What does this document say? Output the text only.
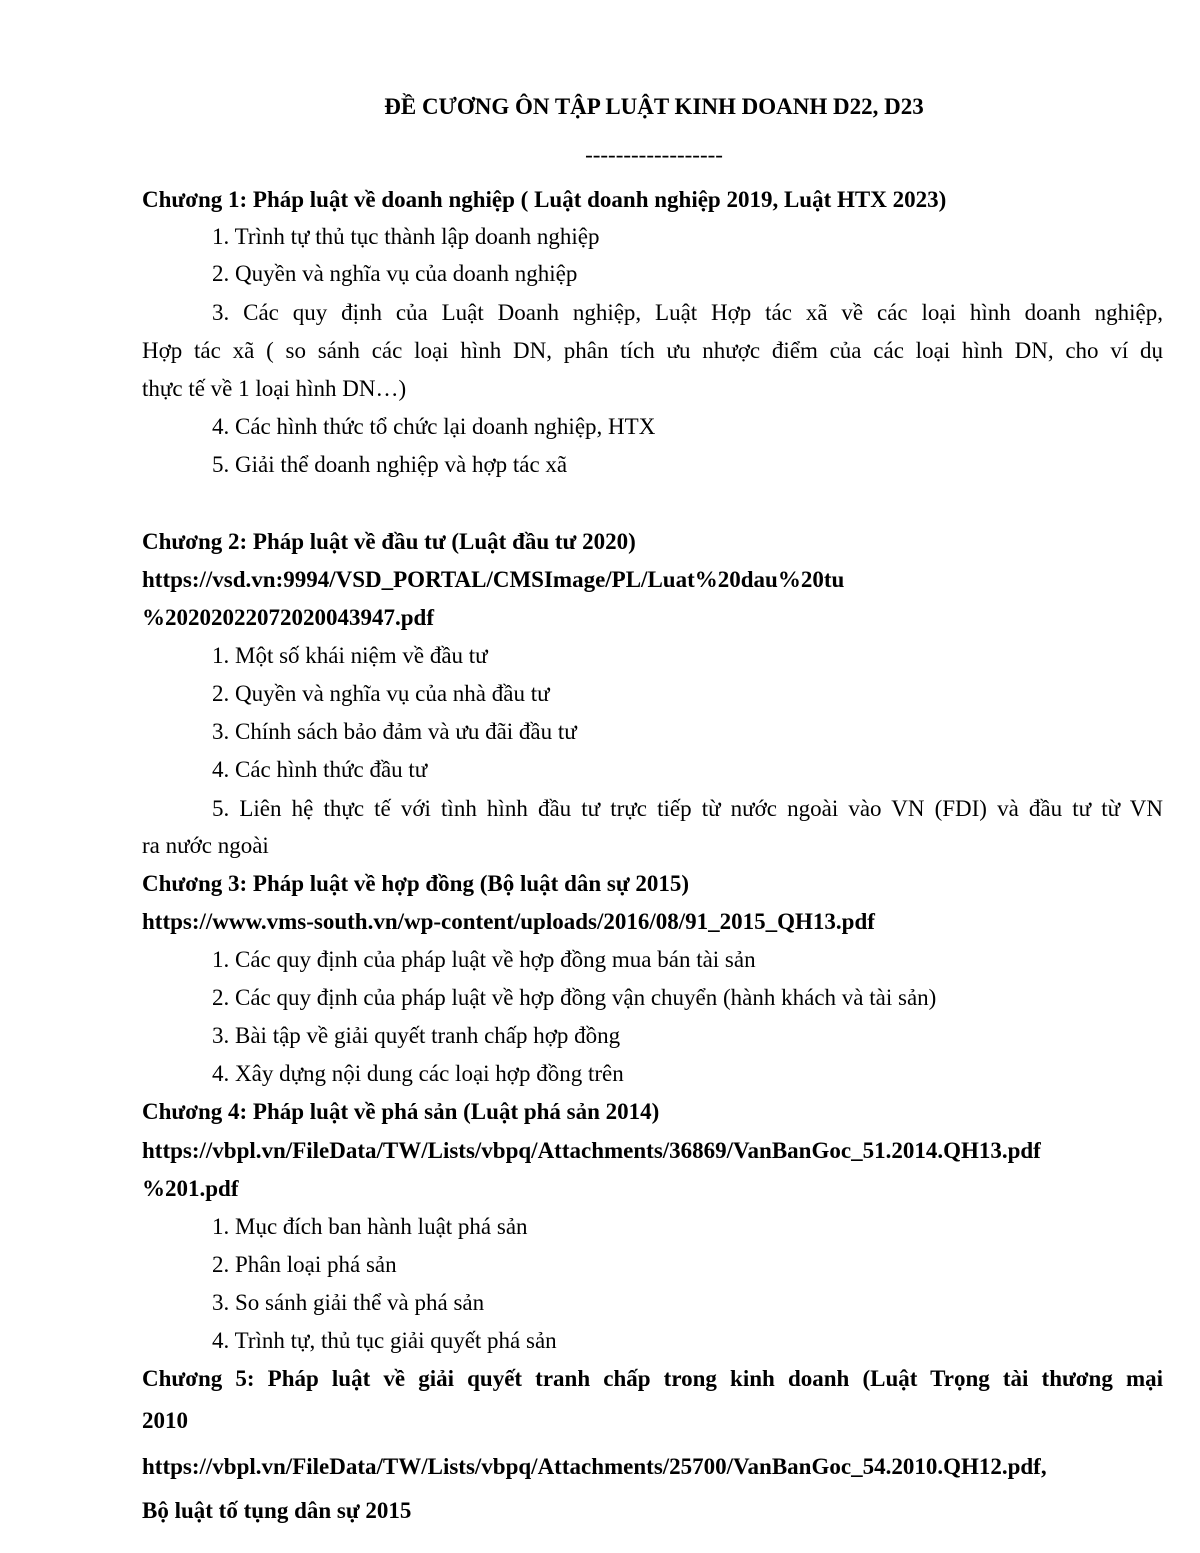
ĐỀ CƯƠNG ÔN TẬP LUẬT KINH DOANH D22, D23
------------------
Chương 1: Pháp luật về doanh nghiệp ( Luật doanh nghiệp 2019, Luật HTX 2023)
1. Trình tự thủ tục thành lập doanh nghiệp
2. Quyền và nghĩa vụ của doanh nghiệp
3. Các quy định của Luật Doanh nghiệp, Luật Hợp tác xã về các loại hình doanh nghiệp,
Hợp tác xã ( so sánh các loại hình DN, phân tích ưu nhược điểm của các loại hình DN, cho ví dụ
thực tế về 1 loại hình DN…)
4. Các hình thức tổ chức lại doanh nghiệp, HTX
5. Giải thể doanh nghiệp và hợp tác xã
Chương 2: Pháp luật về đầu tư (Luật đầu tư 2020)
https://vsd.vn:9994/VSD_PORTAL/CMSImage/PL/Luat%20dau%20tu
%20202022072020043947.pdf
1. Một số khái niệm về đầu tư
2. Quyền và nghĩa vụ của nhà đầu tư
3. Chính sách bảo đảm và ưu đãi đầu tư
4. Các hình thức đầu tư
5. Liên hệ thực tế với tình hình đầu tư trực tiếp từ nước ngoài vào VN (FDI) và đầu tư từ VN
ra nước ngoài
Chương 3: Pháp luật về hợp đồng (Bộ luật dân sự 2015)
https://www.vms-south.vn/wp-content/uploads/2016/08/91_2015_QH13.pdf
1. Các quy định của pháp luật về hợp đồng mua bán tài sản
2. Các quy định của pháp luật về hợp đồng vận chuyển (hành khách và tài sản)
3. Bài tập về giải quyết tranh chấp hợp đồng
4. Xây dựng nội dung các loại hợp đồng trên
Chương 4: Pháp luật về phá sản (Luật phá sản 2014)
https://vbpl.vn/FileData/TW/Lists/vbpq/Attachments/36869/VanBanGoc_51.2014.QH13.pdf
%201.pdf
1. Mục đích ban hành luật phá sản
2. Phân loại phá sản
3. So sánh giải thể và phá sản
4. Trình tự, thủ tục giải quyết phá sản
Chương 5: Pháp luật về giải quyết tranh chấp trong kinh doanh (Luật Trọng tài thương mại
2010
https://vbpl.vn/FileData/TW/Lists/vbpq/Attachments/25700/VanBanGoc_54.2010.QH12.pdf,
Bộ luật tố tụng dân sự 2015
